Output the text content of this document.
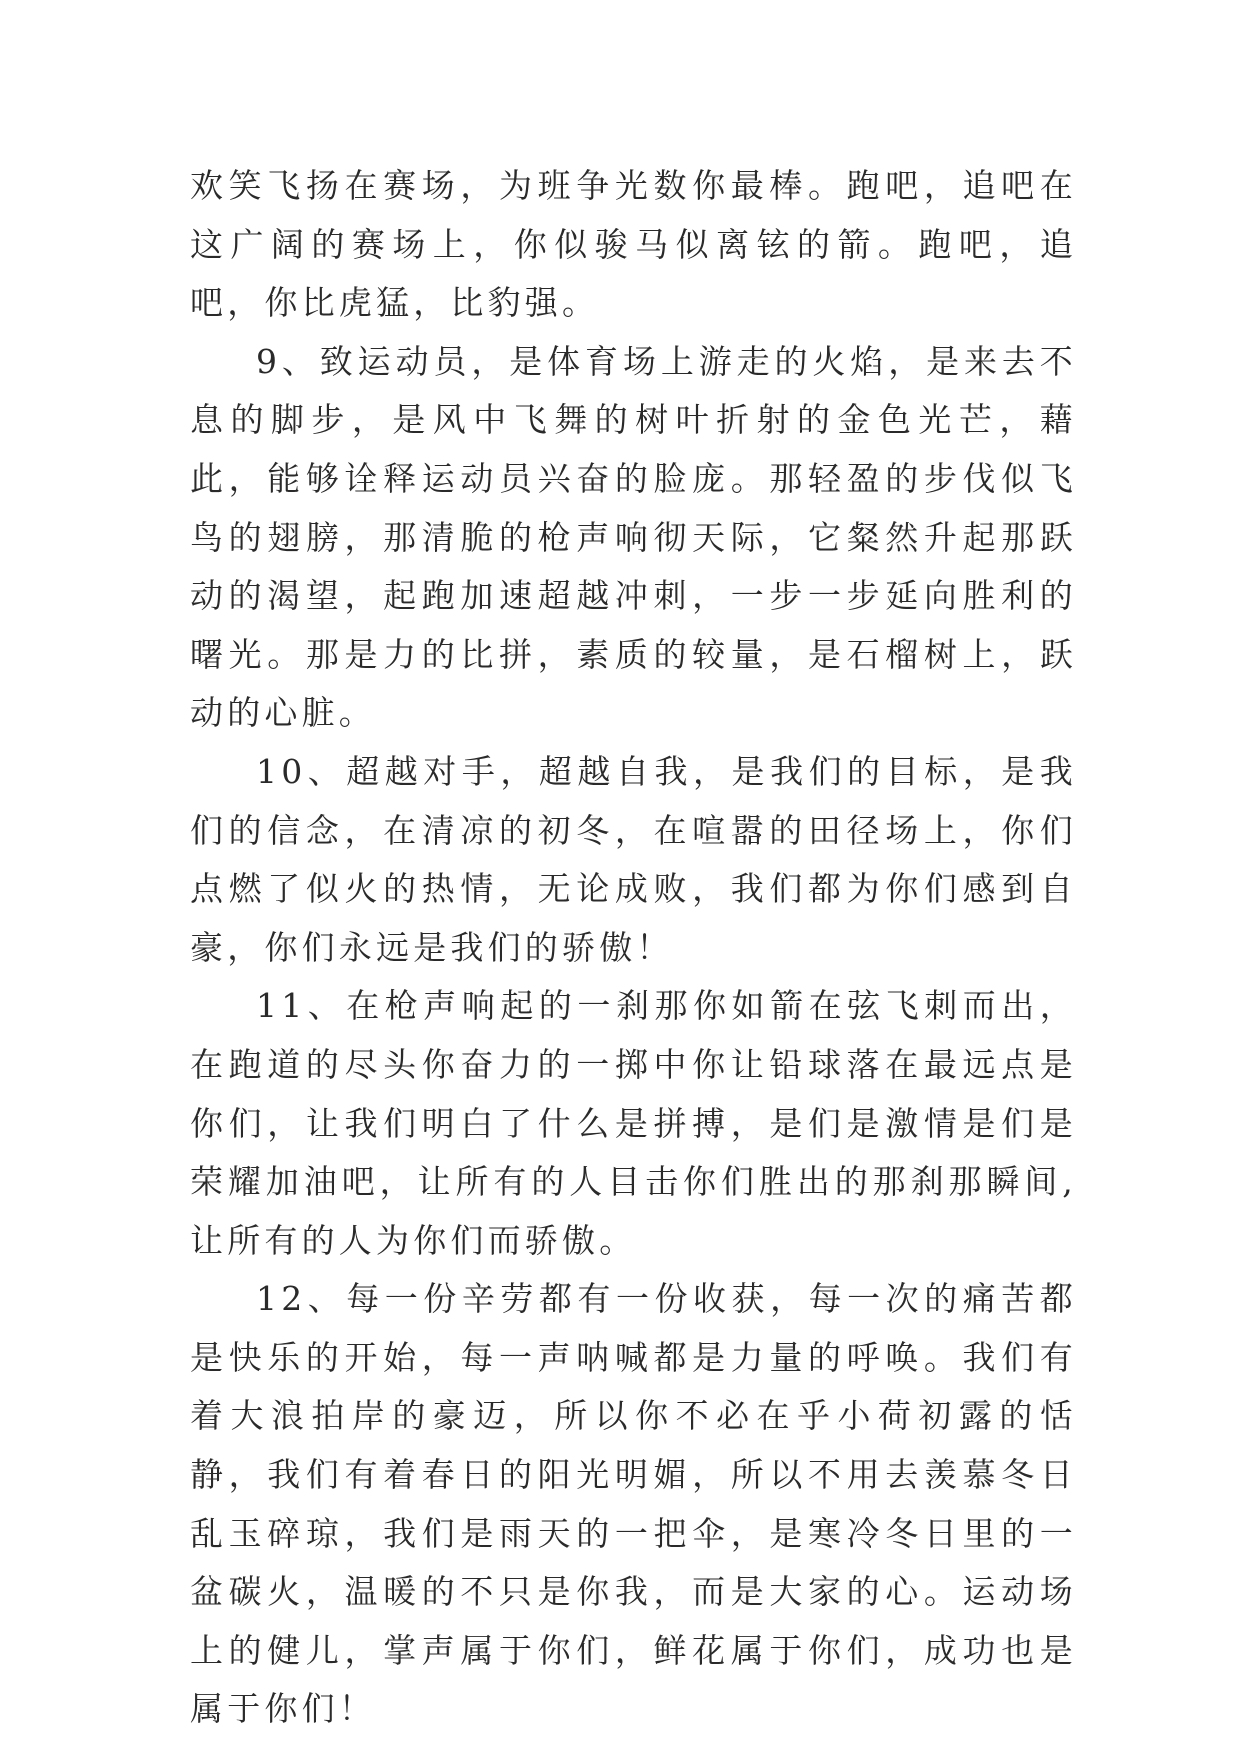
欢笑飞扬在赛场，为班争光数你最棒。跑吧，追吧在这广阔的赛场上，你似骏马似离铉的箭。跑吧，追吧，你比虎猛，比豹强。

9、致运动员，是体育场上游走的火焰，是来去不息的脚步，是风中飞舞的树叶折射的金色光芒，藉此，能够诠释运动员兴奋的脸庞。那轻盈的步伐似飞鸟的翅膀，那清脆的枪声响彻天际，它粲然升起那跃动的渴望，起跑加速超越冲刺，一步一步延向胜利的曙光。那是力的比拼，素质的较量，是石榴树上，跃动的心脏。

10、超越对手，超越自我，是我们的目标，是我们的信念，在清凉的初冬，在喧嚣的田径场上，你们点燃了似火的热情，无论成败，我们都为你们感到自豪，你们永远是我们的骄傲！

11、在枪声响起的一刹那你如箭在弦飞刺而出，在跑道的尽头你奋力的一掷中你让铅球落在最远点是你们，让我们明白了什么是拼搏，是们是激情是们是荣耀加油吧，让所有的人目击你们胜出的那刹那瞬间,让所有的人为你们而骄傲。

12、每一份辛劳都有一份收获，每一次的痛苦都是快乐的开始，每一声呐喊都是力量的呼唤。我们有着大浪拍岸的豪迈，所以你不必在乎小荷初露的恬静，我们有着春日的阳光明媚，所以不用去羡慕冬日乱玉碎琼，我们是雨天的一把伞，是寒冷冬日里的一盆碳火，温暖的不只是你我，而是大家的心。运动场上的健儿，掌声属于你们，鲜花属于你们，成功也是属于你们！
